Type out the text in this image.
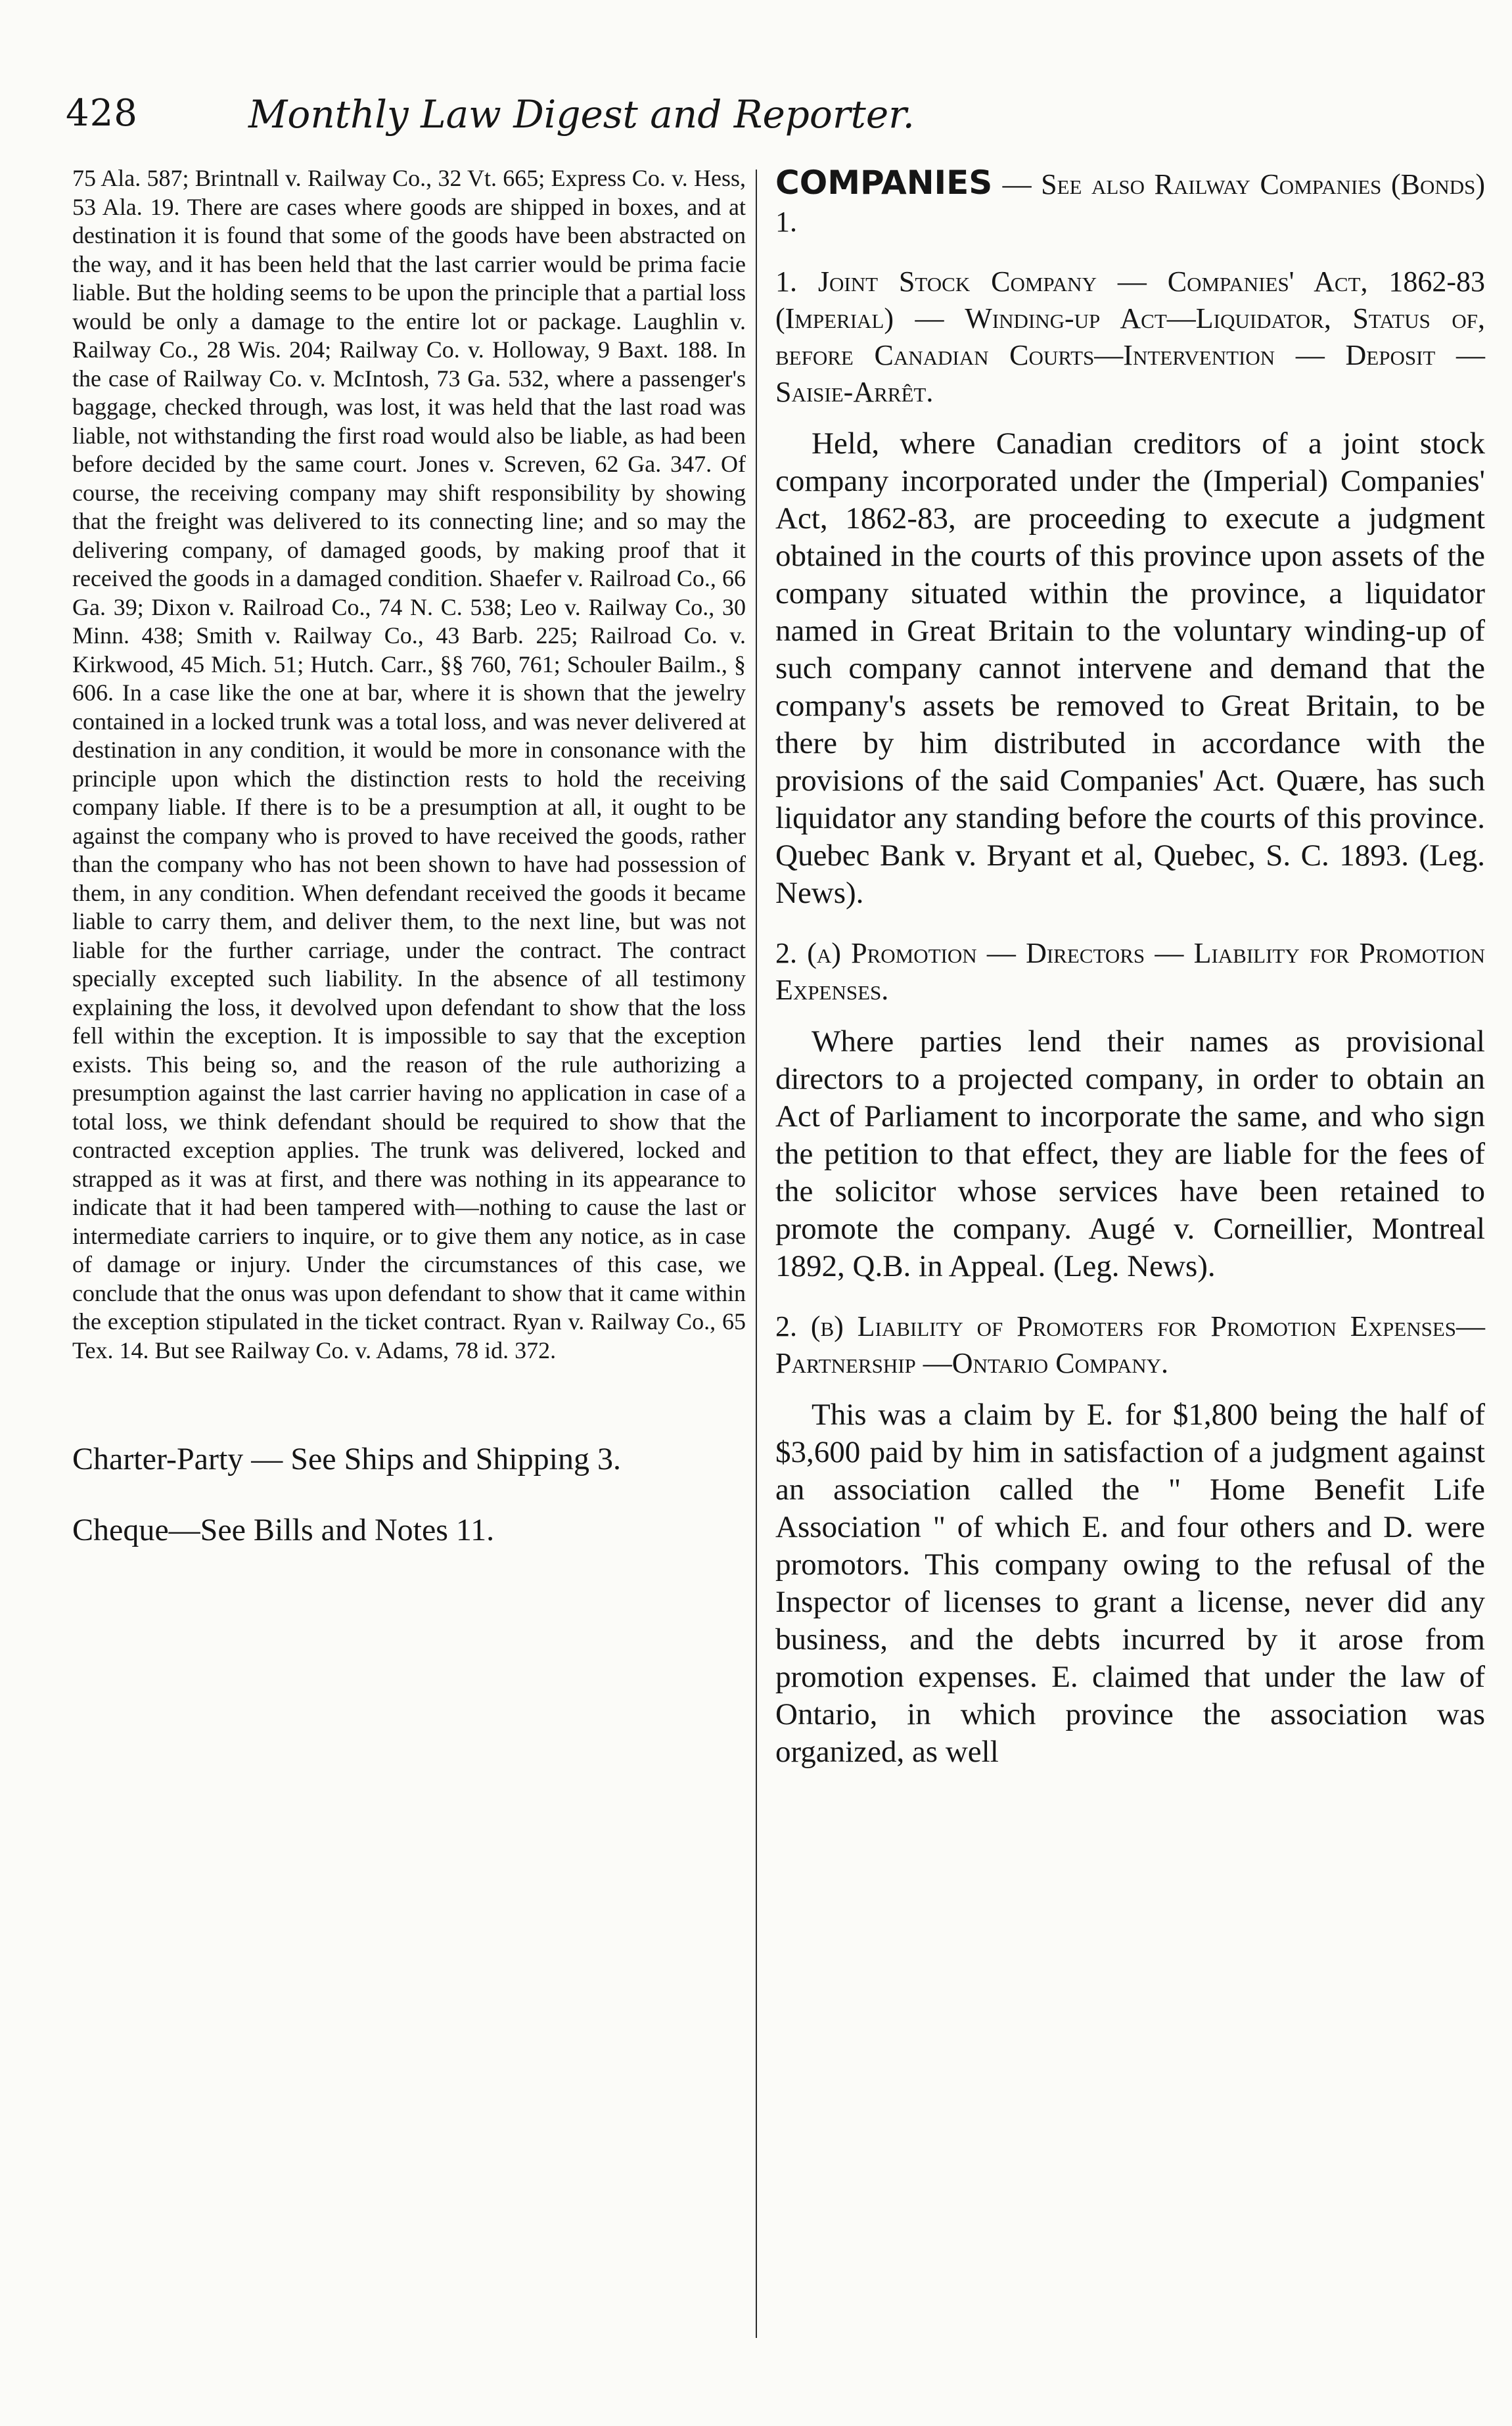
428	Monthly Law Digest and Reporter.

75 Ala. 587; Brintnall v. Railway Co., 32 Vt. 665; Express Co. v. Hess, 53 Ala. 19. There are cases where goods are shipped in boxes, and at destination it is found that some of the goods have been abstracted on the way, and it has been held that the last carrier would be prima facie liable. But the holding seems to be upon the principle that a partial loss would be only a damage to the entire lot or package. Laughlin v. Railway Co., 28 Wis. 204; Railway Co. v. Holloway, 9 Baxt. 188. In the case of Railway Co. v. McIntosh, 73 Ga. 532, where a passenger's baggage, checked through, was lost, it was held that the last road was liable, not withstanding the first road would also be liable, as had been before decided by the same court. Jones v. Screven, 62 Ga. 347. Of course, the receiving company may shift responsibility by showing that the freight was delivered to its connecting line; and so may the delivering company, of damaged goods, by making proof that it received the goods in a damaged condition. Shaefer v. Railroad Co., 66 Ga. 39; Dixon v. Railroad Co., 74 N. C. 538; Leo v. Railway Co., 30 Minn. 438; Smith v. Railway Co., 43 Barb. 225; Railroad Co. v. Kirkwood, 45 Mich. 51; Hutch. Carr., §§ 760, 761; Schouler Bailm., § 606. In a case like the one at bar, where it is shown that the jewelry contained in a locked trunk was a total loss, and was never delivered at destination in any condition, it would be more in consonance with the principle upon which the distinction rests to hold the receiving company liable. If there is to be a presumption at all, it ought to be against the company who is proved to have received the goods, rather than the company who has not been shown to have had possession of them, in any condition. When defendant received the goods it became liable to carry them, and deliver them, to the next line, but was not liable for the further carriage, under the contract. The contract specially excepted such liability. In the absence of all testimony explaining the loss, it devolved upon defendant to show that the loss fell within the exception. It is impossible to say that the exception exists. This being so, and the reason of the rule authorizing a presumption against the last carrier having no application in case of a total loss, we think defendant should be required to show that the contracted exception applies. The trunk was delivered, locked and strapped as it was at first, and there was nothing in its appearance to indicate that it had been tampered with—nothing to cause the last or intermediate carriers to inquire, or to give them any notice, as in case of damage or injury. Under the circumstances of this case, we conclude that the onus was upon defendant to show that it came within the exception stipulated in the ticket contract. Ryan v. Railway Co., 65 Tex. 14. But see Railway Co. v. Adams, 78 id. 372.

Charter-Party — See Ships and Shipping 3.

Cheque—See Bills and Notes 11.

COMPANIES — See also Railway Companies (Bonds) 1.

1. Joint Stock Company — Companies' Act, 1862-83 (Imperial) — Winding-up Act—Liquidator, Status of, before Canadian Courts—Intervention — Deposit — Saisie-Arrêt.

Held, where Canadian creditors of a joint stock company incorporated under the (Imperial) Companies' Act, 1862-83, are proceeding to execute a judgment obtained in the courts of this province upon assets of the company situated within the province, a liquidator named in Great Britain to the voluntary winding-up of such company cannot intervene and demand that the company's assets be removed to Great Britain, to be there by him distributed in accordance with the provisions of the said Companies' Act. Quære, has such liquidator any standing before the courts of this province. Quebec Bank v. Bryant et al, Quebec, S. C. 1893. (Leg. News).

2. (a) Promotion — Directors — Liability for Promotion Expenses.

Where parties lend their names as provisional directors to a projected company, in order to obtain an Act of Parliament to incorporate the same, and who sign the petition to that effect, they are liable for the fees of the solicitor whose services have been retained to promote the company. Augé v. Corneillier, Montreal 1892, Q.B. in Appeal. (Leg. News).

2. (b) Liability of Promoters for Promotion Expenses—Partnership —Ontario Company.

This was a claim by E. for $1,800 being the half of $3,600 paid by him in satisfaction of a judgment against an association called the " Home Benefit Life Association " of which E. and four others and D. were promotors. This company owing to the refusal of the Inspector of licenses to grant a license, never did any business, and the debts incurred by it arose from promotion expenses. E. claimed that under the law of Ontario, in which province the association was organized, as well
